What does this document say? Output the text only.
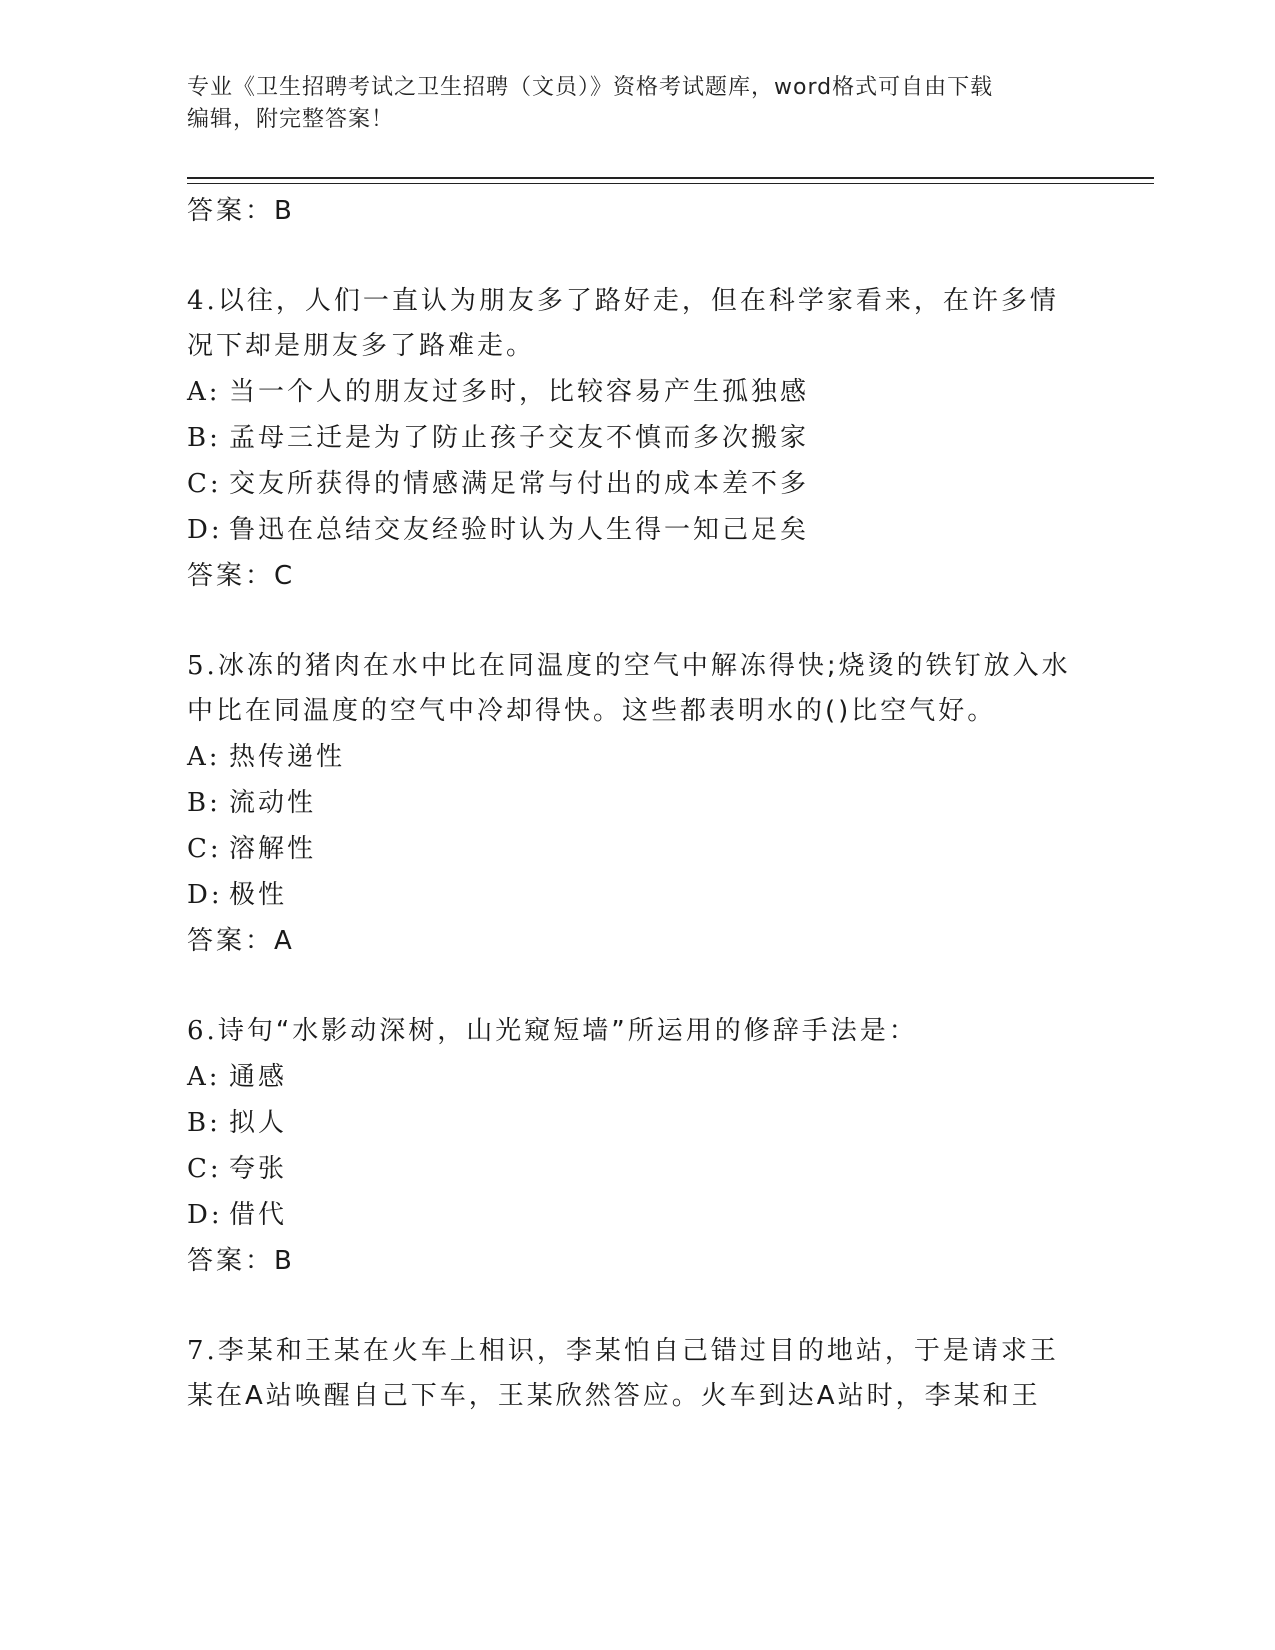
专业《卫生招聘考试之卫生招聘（文员）》资格考试题库，word格式可自由下载
编辑，附完整答案！
答案：B
4.以往，人们一直认为朋友多了路好走，但在科学家看来，在许多情
况下却是朋友多了路难走。
A: 当一个人的朋友过多时，比较容易产生孤独感
B: 孟母三迁是为了防止孩子交友不慎而多次搬家
C: 交友所获得的情感满足常与付出的成本差不多
D: 鲁迅在总结交友经验时认为人生得一知己足矣
答案：C
5.冰冻的猪肉在水中比在同温度的空气中解冻得快;烧烫的铁钉放入水
中比在同温度的空气中冷却得快。这些都表明水的()比空气好。
A: 热传递性
B: 流动性
C: 溶解性
D: 极性
答案：A
6.诗句“水影动深树，山光窥短墙”所运用的修辞手法是：
A: 通感
B: 拟人
C: 夸张
D: 借代
答案：B
7.李某和王某在火车上相识，李某怕自己错过目的地站，于是请求王
某在A站唤醒自己下车，王某欣然答应。火车到达A站时，李某和王
